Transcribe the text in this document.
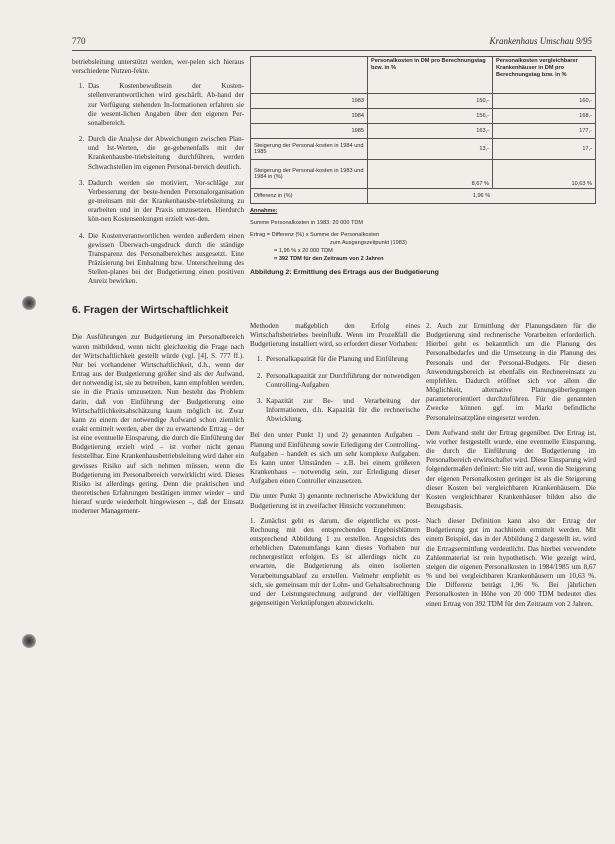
770	Krankenhaus Umschau 9/95

betriebsleitung unterstützt werden, wer-pelen sich hieraus verschiedene Nutzen-fekte.

1. Das Kostenbewußtsein der Kosten-stellenverantwortlichen wird geschärft. Ab-hand der zur Verfügung stehenden In-formationen erfahren sie die wesent-lichen Angaben über den eigenen Per-sonalbereich.
2. Durch die Analyse der Abweichungen zwischen Plan- und Ist-Werten, die ge-gebenenfalls mit der Krankenhausbe-triebsleitung durchführen, werden Schwachstellen im eigenen Personal-bereich deutlich.
3. Dadurch werden sie motiviert, Vor-schläge zur Verbesserung der beste-henden Personalorganisation ge-meinsam mit der Krankenhausbe-triebsleitung zu erarbeiten und in der Praxis umzusetzen. Hierdurch kön-nen Kostensenkungen erzielt wer-den.
4. Die Kostenverantwortlichen werden außerdem einen gewissen Überwach-ungsdruck durch die ständige Transparenz des Personalbereiches ausgesetzt. Eine Präzisierung bei Einhaltung bzw. Unterschreitung des Stellen-planes bei der Budgetierung einen positiven Anreiz bewirken.
6. Fragen der Wirtschaftlichkeit

Die Ausführungen zur Budgetierung im Personalbereich waren mitbildend, wenn nicht gleichzeitig die Frage nach der Wirtschaftlichkeit gestellt würde (vgl. [4], S. 777 ff.). Nur bei vorhandener Wirtschaftlichkeit, d.h., wenn der Ertrag aus der Budgetierung größer sind als der Aufwand, der notwendig ist, sie zu betreiben, kann empfohlen werden, sie in die Praxis umzusetzen. Nun besteht das Problem darin, daß von Einführung der Budgetierung eine Wirtschaftlichkeitsabschätzung kaum möglich ist. Zwar kann zu einem der notwendige Aufwand schon ziemlich exakt ermittelt werden, aber der zu erwartende Ertrag – der ist eine eventuelle Einsparung, die durch die Einführung der Budgetierung erzielt wird – ist vorher nicht genau feststellbar. Eine Krankenhausbetriebsleitung wird daher ein gewisses Risiko auf sich nehmen müssen, wenn die Budgetierung im Personalbereich verwirklicht wird. Dieses Risiko ist allerdings gering. Denn die praktischen und theoretischen Erfahrungen bestätigen immer wieder – und hierauf wurde wiederholt hingewiesen –, daß der Einsatz moderner Management-

	Personalkosten in DM pro Berechnungstag bzw. in %	Personalkosten vergleichbarer Krankenhäuser in DM pro Berechnungstag bzw. in %
1983	150,-	160,-
1984	156,-	168,-
1985	163,-	177,-
Steigerung der Personal-kosten in 1984 und 1985	13,-	17,-
Steigerung der Personal-kosten in 1983 und 1984 in (%)	8,67 %	10,63 %
Differenz in (%)	1,96 %	
Annahme:
Summe Personalkosten in 1983: 20 000 TDM
Ertrag = Differenz (%) x Summe der Personalkosten
zum Ausgangszeitpunkt (1983)
= 1,96 % x 20 000 TDM
= 392 TDM für den Zeitraum von 2 Jahren
Abbildung 2: Ermittlung des Ertrags aus der Budgetierung

Methoden maßgeblich den Erfolg eines Wirtschaftsbetriebes beeinflußt. Wenn im Prozeßfall die Budgetierung installiert wird, so erfordert dieser Vorhaben:

1. Personalkapazität für die Planung und Einführung
2. Personalkapazität zur Durchführung der notwendigen Controlling-Aufgaben
3. Kapazität zur Be- und Verarbeitung der Informationen, d.h. Kapazität für die rechnerische Abwicklung.

Bei den unter Punkt 1) und 2) genannten Aufgaben – Planung und Einführung sowie Erledigung der Controlling-Aufgaben – handelt es sich um sehr komplexe Aufgaben. Es kann unter Umständen – z.B. bei einem größeren Krankenhaus – notwendig sein, zur Erledigung dieser Aufgaben einen Controller einzusetzen.

Die unter Punkt 3) genannte rechnerische Abwicklung der Budgetierung ist in zweifacher Hinsicht vorzunehmen:

1. Zunächst geht es darum, die eigentliche ex post-Rechnung mit den entsprechenden Ergebnisblättern entsprechend Abbildung 1 zu erstellen. Angesichts des erheblichen Datenumfangs kann dieses Vorhaben nur rechnergestützt erfolgen. Es ist allerdings nicht zu erwarten, die Budgetierung als einen isolierten Verarbeitungsablauf zu erstellen. Vielmehr empfiehlt es sich, sie gemeinsam mit der Lohn- und Gehaltsabrechnung und der Leistungsrechnung aufgrund der vielfältigen gegenseitigen Verknüpfungen abzuwickeln.

2. Auch zur Ermittlung der Planungsdaten für die Budgetierung sind rechnerische Vorarbeiten erforderlich. Hierbei geht es bekanntlich um die Planung des Personalbedarfes und die Umsetzung in die Planung des Personals und der Personal-Budgets. Für diesen Anwendungsbereich ist ebenfalls ein Rechnereinsatz zu empfehlen. Dadurch eröffnet sich vor allem die Möglichkeit, alternative Planungsüberlegungen parameterorientiert durchzuführen. Für die genannten Zwecke können ggf. im Markt befindliche Personaleinsatzpläne eingesetzt werden.

Dem Aufwand steht der Ertrag gegenüber. Der Ertrag ist, wie vorher festgestellt wurde, eine eventuelle Einsparung, die durch die Einführung der Budgetierung im Personalbereich erwirtschaftet wird. Diese Einsparung wird folgendermaßen definiert: Sie tritt auf, wenn die Steigerung der eigenen Personalkosten geringer ist als die Steigerung dieser Kosten bei vergleichbaren Krankenhäusern. Die Kosten vergleichbarer Krankenhäuser bilden also die Bezugsbasis.

Nach dieser Definition kann also der Ertrag der Budgetierung gut im nachhinein ermittelt werden. Mit einem Beispiel, das in der Abbildung 2 dargestellt ist, wird die Ertragsermittlung verdeutlicht. Das hierbei verwendete Zahlenmaterial ist rein hypothetisch. Wie gezeigt wird, steigen die eigenen Personalkosten in 1984/1985 um 8,67 % und bei vergleichbaren Krankenhäusern um 10,63 %. Die Differenz beträgt 1,96 %. Bei jährlichen Personalkosten in Höhe von 20 000 TDM bedeutet dies einen Ertrag von 392 TDM für den Zeitraum von 2 Jahren.
